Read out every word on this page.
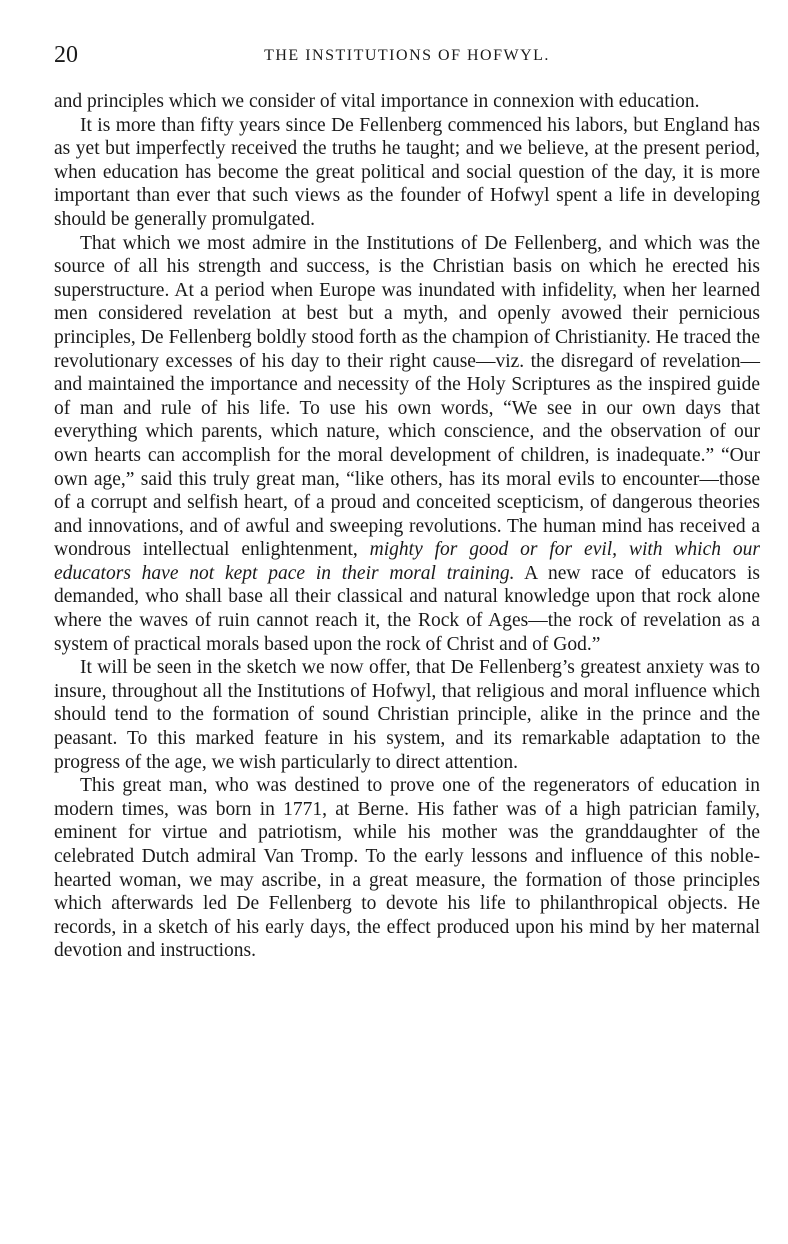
20	THE INSTITUTIONS OF HOFWYL.

and principles which we consider of vital importance in connexion with education.

It is more than fifty years since De Fellenberg commenced his labors, but England has as yet but imperfectly received the truths he taught; and we believe, at the present period, when education has become the great political and social question of the day, it is more important than ever that such views as the founder of Hofwyl spent a life in developing should be generally promulgated.

That which we most admire in the Institutions of De Fellenberg, and which was the source of all his strength and success, is the Christian basis on which he erected his superstructure. At a period when Europe was inundated with infidelity, when her learned men considered revelation at best but a myth, and openly avowed their pernicious principles, De Fellenberg boldly stood forth as the champion of Christianity. He traced the revolutionary excesses of his day to their right cause—viz. the disregard of revelation—and maintained the importance and necessity of the Holy Scriptures as the inspired guide of man and rule of his life. To use his own words, “We see in our own days that everything which parents, which nature, which conscience, and the observation of our own hearts can accomplish for the moral development of children, is inadequate.” “Our own age,” said this truly great man, “like others, has its moral evils to encounter—those of a corrupt and selfish heart, of a proud and conceited scepticism, of dangerous theories and innovations, and of awful and sweeping revolutions. The human mind has received a wondrous intellectual enlightenment, mighty for good or for evil, with which our educators have not kept pace in their moral training. A new race of educators is demanded, who shall base all their classical and natural knowledge upon that rock alone where the waves of ruin cannot reach it, the Rock of Ages—the rock of revelation as a system of practical morals based upon the rock of Christ and of God.”

It will be seen in the sketch we now offer, that De Fellenberg’s greatest anxiety was to insure, throughout all the Institutions of Hofwyl, that religious and moral influence which should tend to the formation of sound Christian principle, alike in the prince and the peasant. To this marked feature in his system, and its remarkable adaptation to the progress of the age, we wish particularly to direct attention.

This great man, who was destined to prove one of the regenerators of education in modern times, was born in 1771, at Berne. His father was of a high patrician family, eminent for virtue and patriotism, while his mother was the granddaughter of the celebrated Dutch admiral Van Tromp. To the early lessons and influence of this noble-hearted woman, we may ascribe, in a great measure, the formation of those principles which afterwards led De Fellenberg to devote his life to philanthropical objects. He records, in a sketch of his early days, the effect produced upon his mind by her maternal devotion and instructions.
